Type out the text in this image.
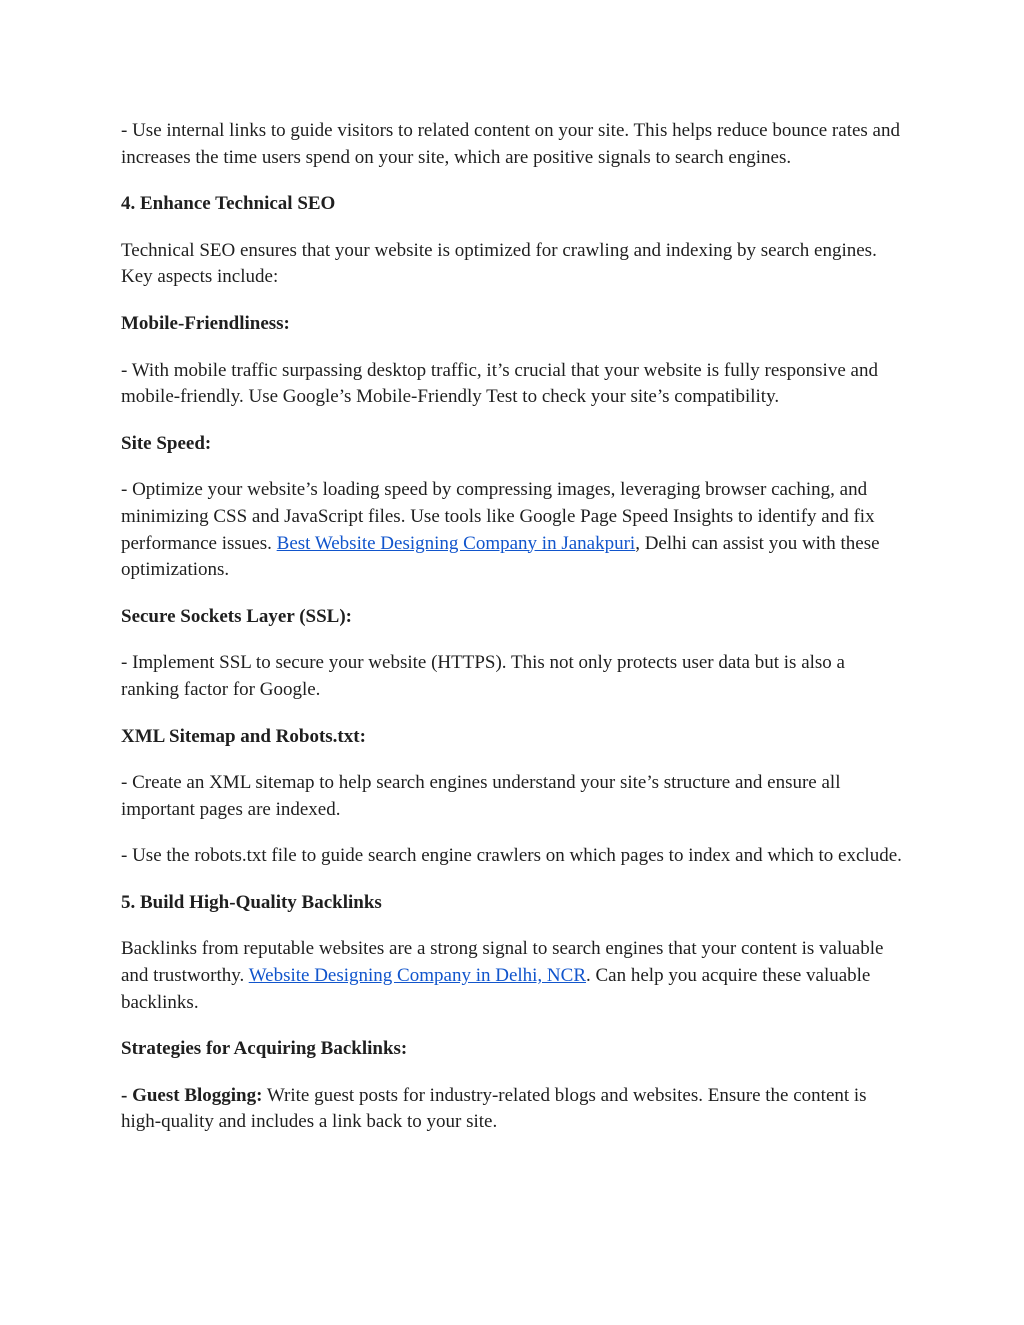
- Use internal links to guide visitors to related content on your site. This helps reduce bounce rates and increases the time users spend on your site, which are positive signals to search engines.

4. Enhance Technical SEO

Technical SEO ensures that your website is optimized for crawling and indexing by search engines. Key aspects include:

Mobile-Friendliness:

- With mobile traffic surpassing desktop traffic, it’s crucial that your website is fully responsive and mobile-friendly. Use Google’s Mobile-Friendly Test to check your site’s compatibility.

Site Speed:

- Optimize your website’s loading speed by compressing images, leveraging browser caching, and minimizing CSS and JavaScript files. Use tools like Google Page Speed Insights to identify and fix performance issues. Best Website Designing Company in Janakpuri, Delhi can assist you with these optimizations.

Secure Sockets Layer (SSL):

- Implement SSL to secure your website (HTTPS). This not only protects user data but is also a ranking factor for Google.

XML Sitemap and Robots.txt:

- Create an XML sitemap to help search engines understand your site’s structure and ensure all important pages are indexed.

- Use the robots.txt file to guide search engine crawlers on which pages to index and which to exclude.

5. Build High-Quality Backlinks

Backlinks from reputable websites are a strong signal to search engines that your content is valuable and trustworthy. Website Designing Company in Delhi, NCR. Can help you acquire these valuable backlinks.

Strategies for Acquiring Backlinks:

- Guest Blogging: Write guest posts for industry-related blogs and websites. Ensure the content is high-quality and includes a link back to your site.
